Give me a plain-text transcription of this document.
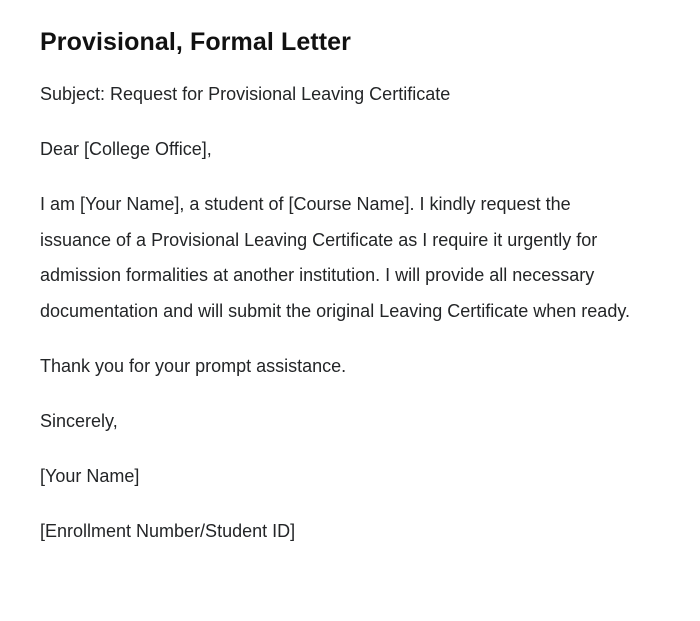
Provisional, Formal Letter

Subject: Request for Provisional Leaving Certificate

Dear [College Office],

I am [Your Name], a student of [Course Name]. I kindly request the issuance of a Provisional Leaving Certificate as I require it urgently for admission formalities at another institution. I will provide all necessary documentation and will submit the original Leaving Certificate when ready.

Thank you for your prompt assistance.

Sincerely,

[Your Name]

[Enrollment Number/Student ID]
